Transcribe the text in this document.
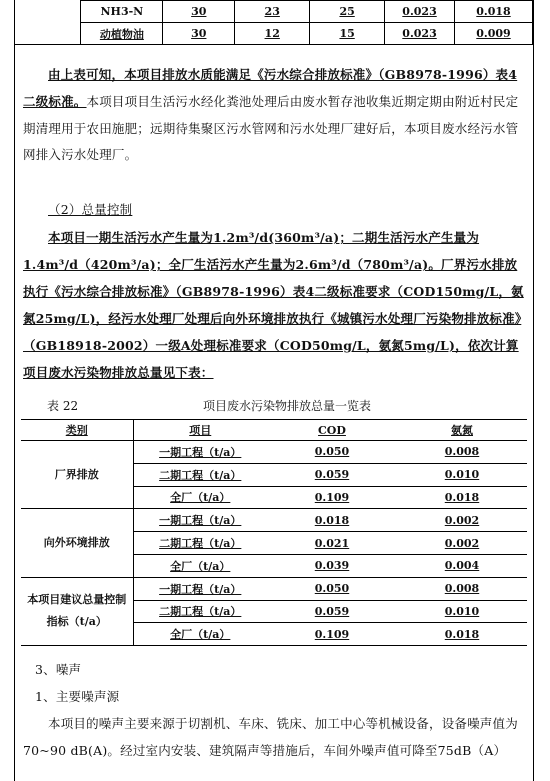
	NH3-N	30	23	25	0.023	0.018
	动植物油	30	12	15	0.023	0.009
由上表可知，本项目排放水质能满足《污水综合排放标准》（GB8978-1996）表4 二级标准。本项目项目生活污水经化粪池处理后由废水暂存池收集近期定期由附近村民定期清理用于农田施肥；远期待集聚区污水管网和污水处理厂建好后，本项目废水经污水管网排入污水处理厂。
（2）总量控制
本项目一期生活污水产生量为1.2m³/d(360m³/a)；二期生活污水产生量为1.4m³/d（420m³/a)；全厂生活污水产生量为2.6m³/d（780m³/a)。厂界污水排放执行《污水综合排放标准》（GB8978-1996）表4二级标准要求（COD150mg/L，氨氮25mg/L)，经污水处理厂处理后向外环境排放执行《城镇污水处理厂污染物排放标准》（GB18918-2002）一级A处理标准要求（COD50mg/L，氨氮5mg/L)，依次计算项目废水污染物排放总量见下表：
表 22	项目废水污染物排放总量一览表
类别	项目	COD	氨氮
厂界排放	一期工程（t/a）	0.050	0.008
	二期工程（t/a）	0.059	0.010
	全厂（t/a）	0.109	0.018
向外环境排放	一期工程（t/a）	0.018	0.002
	二期工程（t/a）	0.021	0.002
	全厂（t/a）	0.039	0.004
本项目建议总量控制指标（t/a）	一期工程（t/a）	0.050	0.008
	二期工程（t/a）	0.059	0.010
	全厂（t/a）	0.109	0.018
3、噪声
1、主要噪声源
本项目的噪声主要来源于切割机、车床、铣床、加工中心等机械设备，设备噪声值为70~90 dB(A)。经过室内安装、建筑隔声等措施后，车间外噪声值可降至75dB（A）
